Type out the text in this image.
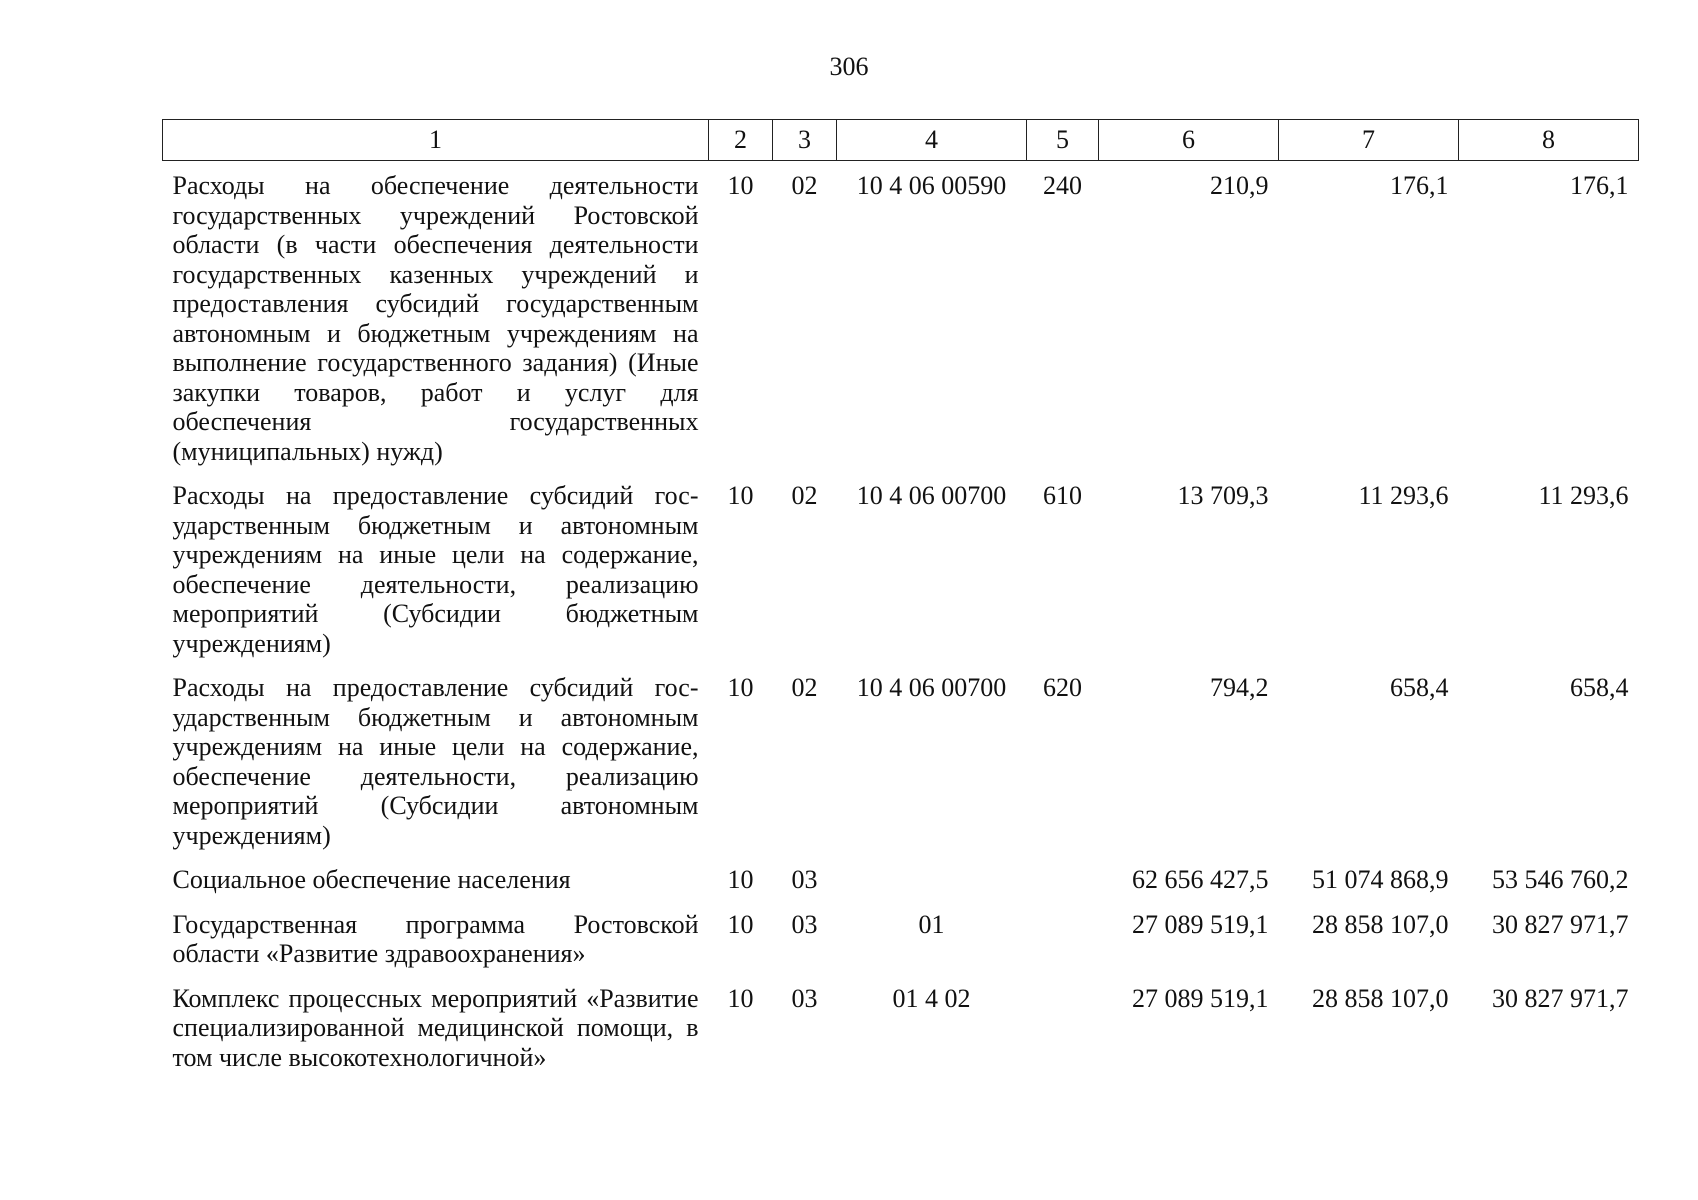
306
1	2	3	4	5	6	7	8
Расходы на обеспечение деятельности государственных учреждений Ростовской области (в части обеспечения деятельности государственных казенных учреждений и предоставления субсидий государственным автономным и бюджетным учреждениям на выполнение государственного задания) (Иные закупки товаров, работ и услуг для обеспечения государственных (муниципальных) нужд)	10	02	10 4 06 00590	240	210,9	176,1	176,1
Расходы на предоставление субсидий государственным бюджетным и автономным учреждениям на иные цели на содержание, обеспечение деятельности, реализацию мероприятий (Субсидии бюджетным учреждениям)	10	02	10 4 06 00700	610	13 709,3	11 293,6	11 293,6
Расходы на предоставление субсидий государственным бюджетным и автономным учреждениям на иные цели на содержание, обеспечение деятельности, реализацию мероприятий (Субсидии автономным учреждениям)	10	02	10 4 06 00700	620	794,2	658,4	658,4
Социальное обеспечение населения	10	03			62 656 427,5	51 074 868,9	53 546 760,2
Государственная программа Ростовской области «Развитие здравоохранения»	10	03	01		27 089 519,1	28 858 107,0	30 827 971,7
Комплекс процессных мероприятий «Развитие специализированной медицинской помощи, в том числе высокотехнологичной»	10	03	01 4 02		27 089 519,1	28 858 107,0	30 827 971,7
